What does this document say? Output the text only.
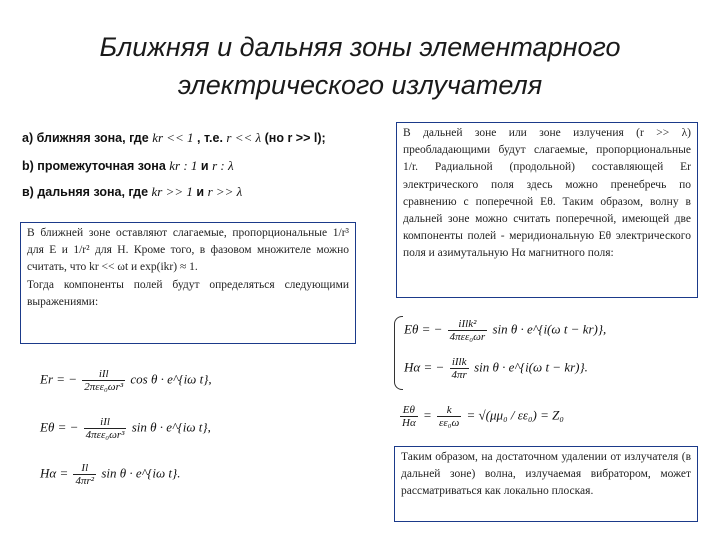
Ближняя и дальняя зоны элементарного
электрического излучателя
а) ближняя зона, где kr << 1 , т.е. r << λ (но r >> l);
b) промежуточная зона kr : 1 и r : λ
в) дальняя зона, где kr >> 1 и r >> λ

В ближней зоне оставляют слагаемые, пропорциональные 1/r³ для E и 1/r² для H. Кроме того, в фазовом множителе можно считать, что kr << ωt и exp(ikr) ≈ 1.

Тогда компоненты полей будут определяться следующими выражениями:

Er = − $\frac{\text{iIl}}{\text{2πεε₀ωr³}}$ cos θ · e^{iω t},
Eθ = − $\frac{\text{iIl}}{\text{4πεε₀ωr³}}$ sin θ · e^{iω t},
$H\alpha = \frac{Il}{\text{4πr²}}$ sin θ · e^{iω t}.

В дальней зоне или зоне излучения (r >> λ) преобладающими будут слагаемые, пропорциональные 1/r. Радиальной (продольной) составляющей Er электрического поля здесь можно пренебречь по сравнению с поперечной Eθ. Таким образом, волну в дальней зоне можно считать поперечной, имеющей две компоненты полей - меридиональную Eθ электрического поля и азимутальную Hα магнитного поля:

Eθ = − $\frac{\text{iIlk²}}{\text{4πεε₀ωr}}$ sin θ · e^{i(ω t − kr)},
Hα = − $\frac{\text{iIlk}}{4\pi r}$ sin θ · e^{i(ω t − kr)}.
$\frac{E\theta}{H\alpha} = \frac{k}{\text{εε₀ω}} = √(\mu\mu_0 / \varepsilon\varepsilon_0) = Z_0$

Таким образом, на достаточном удалении от излучателя (в дальней зоне) волна, излучаемая вибратором, может рассматриваться как локально плоская.
